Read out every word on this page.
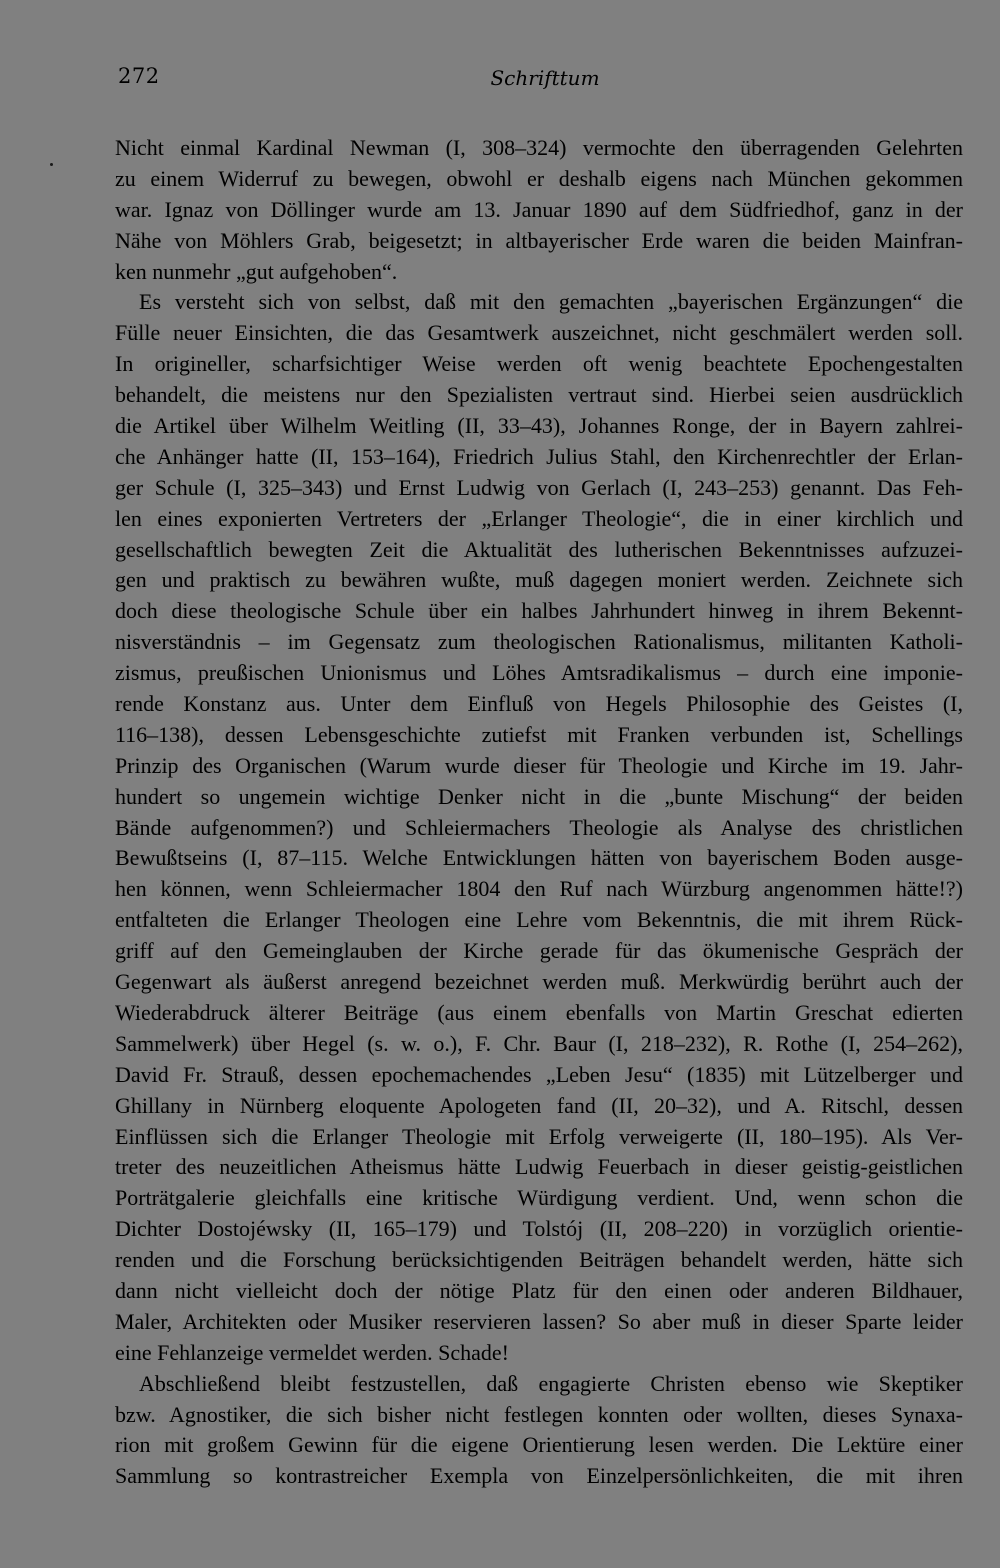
272	Schrifttum
Nicht einmal Kardinal Newman (I, 308–324) vermochte den überragenden Gelehrten
zu einem Widerruf zu bewegen, obwohl er deshalb eigens nach München gekommen
war. Ignaz von Döllinger wurde am 13. Januar 1890 auf dem Südfriedhof, ganz in der
Nähe von Möhlers Grab, beigesetzt; in altbayerischer Erde waren die beiden Mainfran-
ken nunmehr „gut aufgehoben“.
Es versteht sich von selbst, daß mit den gemachten „bayerischen Ergänzungen“ die
Fülle neuer Einsichten, die das Gesamtwerk auszeichnet, nicht geschmälert werden soll.
In origineller, scharfsichtiger Weise werden oft wenig beachtete Epochengestalten
behandelt, die meistens nur den Spezialisten vertraut sind. Hierbei seien ausdrücklich
die Artikel über Wilhelm Weitling (II, 33–43), Johannes Ronge, der in Bayern zahlrei-
che Anhänger hatte (II, 153–164), Friedrich Julius Stahl, den Kirchenrechtler der Erlan-
ger Schule (I, 325–343) und Ernst Ludwig von Gerlach (I, 243–253) genannt. Das Feh-
len eines exponierten Vertreters der „Erlanger Theologie“, die in einer kirchlich und
gesellschaftlich bewegten Zeit die Aktualität des lutherischen Bekenntnisses aufzuzei-
gen und praktisch zu bewähren wußte, muß dagegen moniert werden. Zeichnete sich
doch diese theologische Schule über ein halbes Jahrhundert hinweg in ihrem Bekennt-
nisverständnis – im Gegensatz zum theologischen Rationalismus, militanten Katholi-
zismus, preußischen Unionismus und Löhes Amtsradikalismus – durch eine imponie-
rende Konstanz aus. Unter dem Einfluß von Hegels Philosophie des Geistes (I,
116–138), dessen Lebensgeschichte zutiefst mit Franken verbunden ist, Schellings
Prinzip des Organischen (Warum wurde dieser für Theologie und Kirche im 19. Jahr-
hundert so ungemein wichtige Denker nicht in die „bunte Mischung“ der beiden
Bände aufgenommen?) und Schleiermachers Theologie als Analyse des christlichen
Bewußtseins (I, 87–115. Welche Entwicklungen hätten von bayerischem Boden ausge-
hen können, wenn Schleiermacher 1804 den Ruf nach Würzburg angenommen hätte!?)
entfalteten die Erlanger Theologen eine Lehre vom Bekenntnis, die mit ihrem Rück-
griff auf den Gemeinglauben der Kirche gerade für das ökumenische Gespräch der
Gegenwart als äußerst anregend bezeichnet werden muß. Merkwürdig berührt auch der
Wiederabdruck älterer Beiträge (aus einem ebenfalls von Martin Greschat edierten
Sammelwerk) über Hegel (s. w. o.), F. Chr. Baur (I, 218–232), R. Rothe (I, 254–262),
David Fr. Strauß, dessen epochemachendes „Leben Jesu“ (1835) mit Lützelberger und
Ghillany in Nürnberg eloquente Apologeten fand (II, 20–32), und A. Ritschl, dessen
Einflüssen sich die Erlanger Theologie mit Erfolg verweigerte (II, 180–195). Als Ver-
treter des neuzeitlichen Atheismus hätte Ludwig Feuerbach in dieser geistig-geistlichen
Porträtgalerie gleichfalls eine kritische Würdigung verdient. Und, wenn schon die
Dichter Dostojéwsky (II, 165–179) und Tolstój (II, 208–220) in vorzüglich orientie-
renden und die Forschung berücksichtigenden Beiträgen behandelt werden, hätte sich
dann nicht vielleicht doch der nötige Platz für den einen oder anderen Bildhauer,
Maler, Architekten oder Musiker reservieren lassen? So aber muß in dieser Sparte leider
eine Fehlanzeige vermeldet werden. Schade!
Abschließend bleibt festzustellen, daß engagierte Christen ebenso wie Skeptiker
bzw. Agnostiker, die sich bisher nicht festlegen konnten oder wollten, dieses Synaxa-
rion mit großem Gewinn für die eigene Orientierung lesen werden. Die Lektüre einer
Sammlung so kontrastreicher Exempla von Einzelpersönlichkeiten, die mit ihren
